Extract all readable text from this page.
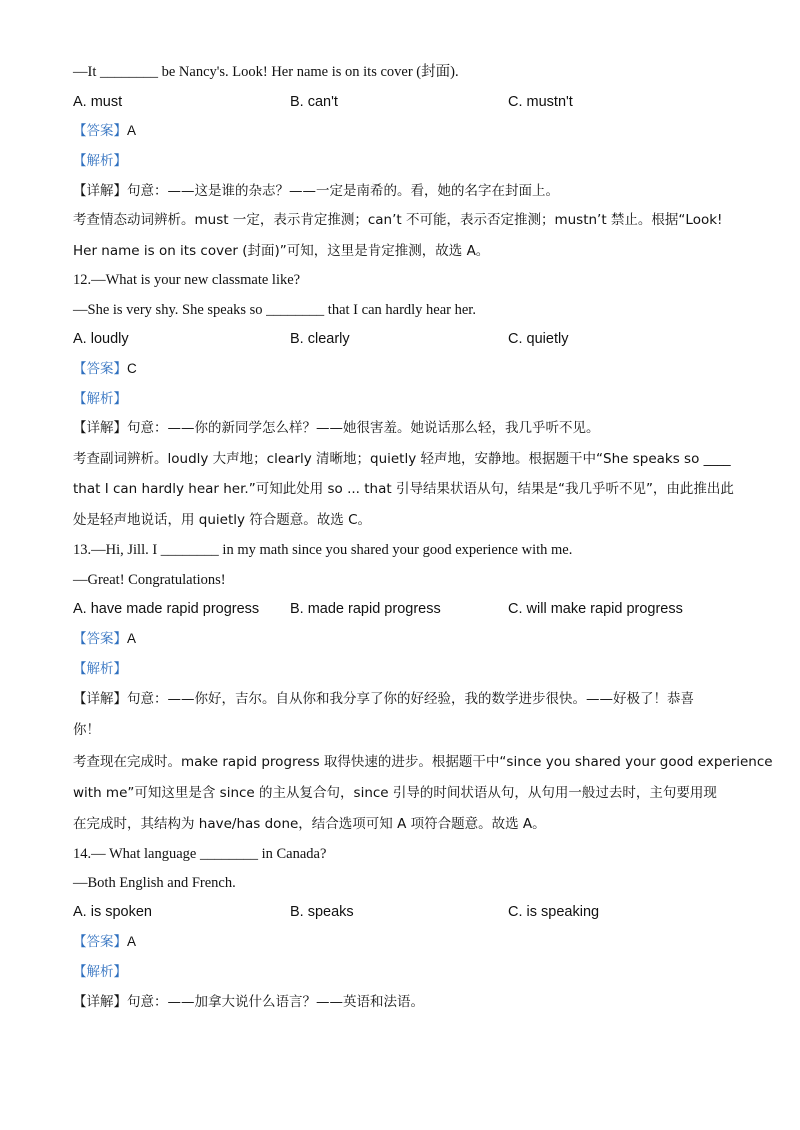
—It ________ be Nancy's. Look! Her name is on its cover (封面).
A. must	B. can't	C. mustn't
【答案】A
【解析】
【详解】句意：——这是谁的杂志？——一定是南希的。看，她的名字在封面上。
考查情态动词辨析。must 一定，表示肯定推测；can’t 不可能，表示否定推测；mustn’t 禁止。根据“Look!
Her name is on its cover (封面)”可知，这里是肯定推测，故选 A。
12.—What is your new classmate like?
—She is very shy. She speaks so ________ that I can hardly hear her.
A. loudly	B. clearly	C. quietly
【答案】C
【解析】
【详解】句意：——你的新同学怎么样？——她很害羞。她说话那么轻，我几乎听不见。
考查副词辨析。loudly 大声地；clearly 清晰地；quietly 轻声地，安静地。根据题干中“She speaks so ____
that I can hardly hear her.”可知此处用 so ... that 引导结果状语从句，结果是“我几乎听不见”，由此推出此
处是轻声地说话，用 quietly 符合题意。故选 C。
13.—Hi, Jill. I ________ in my math since you shared your good experience with me.
—Great! Congratulations!
A. have made rapid progress B. made rapid progress	C. will make rapid progress
【答案】A
【解析】
【详解】句意：——你好，吉尔。自从你和我分享了你的好经验，我的数学进步很快。——好极了！恭喜
你！
考查现在完成时。make rapid progress 取得快速的进步。根据题干中“since you shared your good experience
with me”可知这里是含 since 的主从复合句，since 引导的时间状语从句，从句用一般过去时，主句要用现
在完成时，其结构为 have/has done，结合选项可知 A 项符合题意。故选 A。
14.— What language ________ in Canada?
—Both English and French.
A. is spoken	B. speaks	C. is speaking
【答案】A
【解析】
【详解】句意：——加拿大说什么语言？——英语和法语。
